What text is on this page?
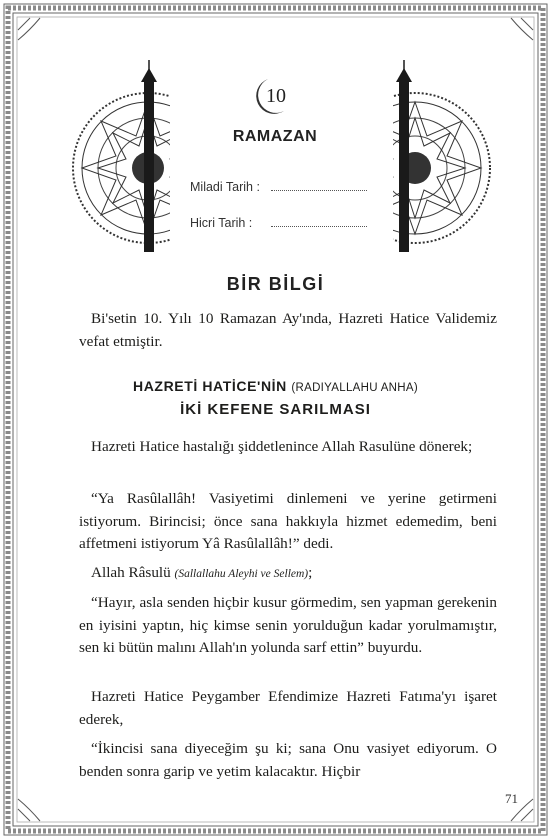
10
RAMAZAN
Miladi Tarih :
Hicri Tarih :
BİR BİLGİ
Bi'setin 10. Yılı 10 Ramazan Ay'ında, Hazreti Hatice Validemiz vefat etmiştir.
HAZRETİ HATİCE'NİN (RADIYALLAHU ANHA)
İKİ KEFENE SARILMASI
Hazreti Hatice hastalığı şiddetlenince Allah Rasulüne dönerek;
“Ya Rasûlallâh! Vasiyetimi dinlemeni ve yerine getirmeni istiyorum. Birincisi; önce sana hakkıyla hizmet edemedim, beni affetmeni istiyorum Yâ Rasûlallâh!” dedi.
Allah Râsulü (Sallallahu Aleyhi ve Sellem);
“Hayır, asla senden hiçbir kusur görmedim, sen yapman gerekenin en iyisini yaptın, hiç kimse senin yorulduğun kadar yorulmamıştır, sen ki bütün malını Allah'ın yolunda sarf ettin” buyurdu.
Hazreti Hatice Peygamber Efendimize Hazreti Fatıma'yı işaret ederek,
“İkincisi sana diyeceğim şu ki; sana Onu vasiyet ediyorum. O benden sonra garip ve yetim kalacaktır. Hiçbir
71
